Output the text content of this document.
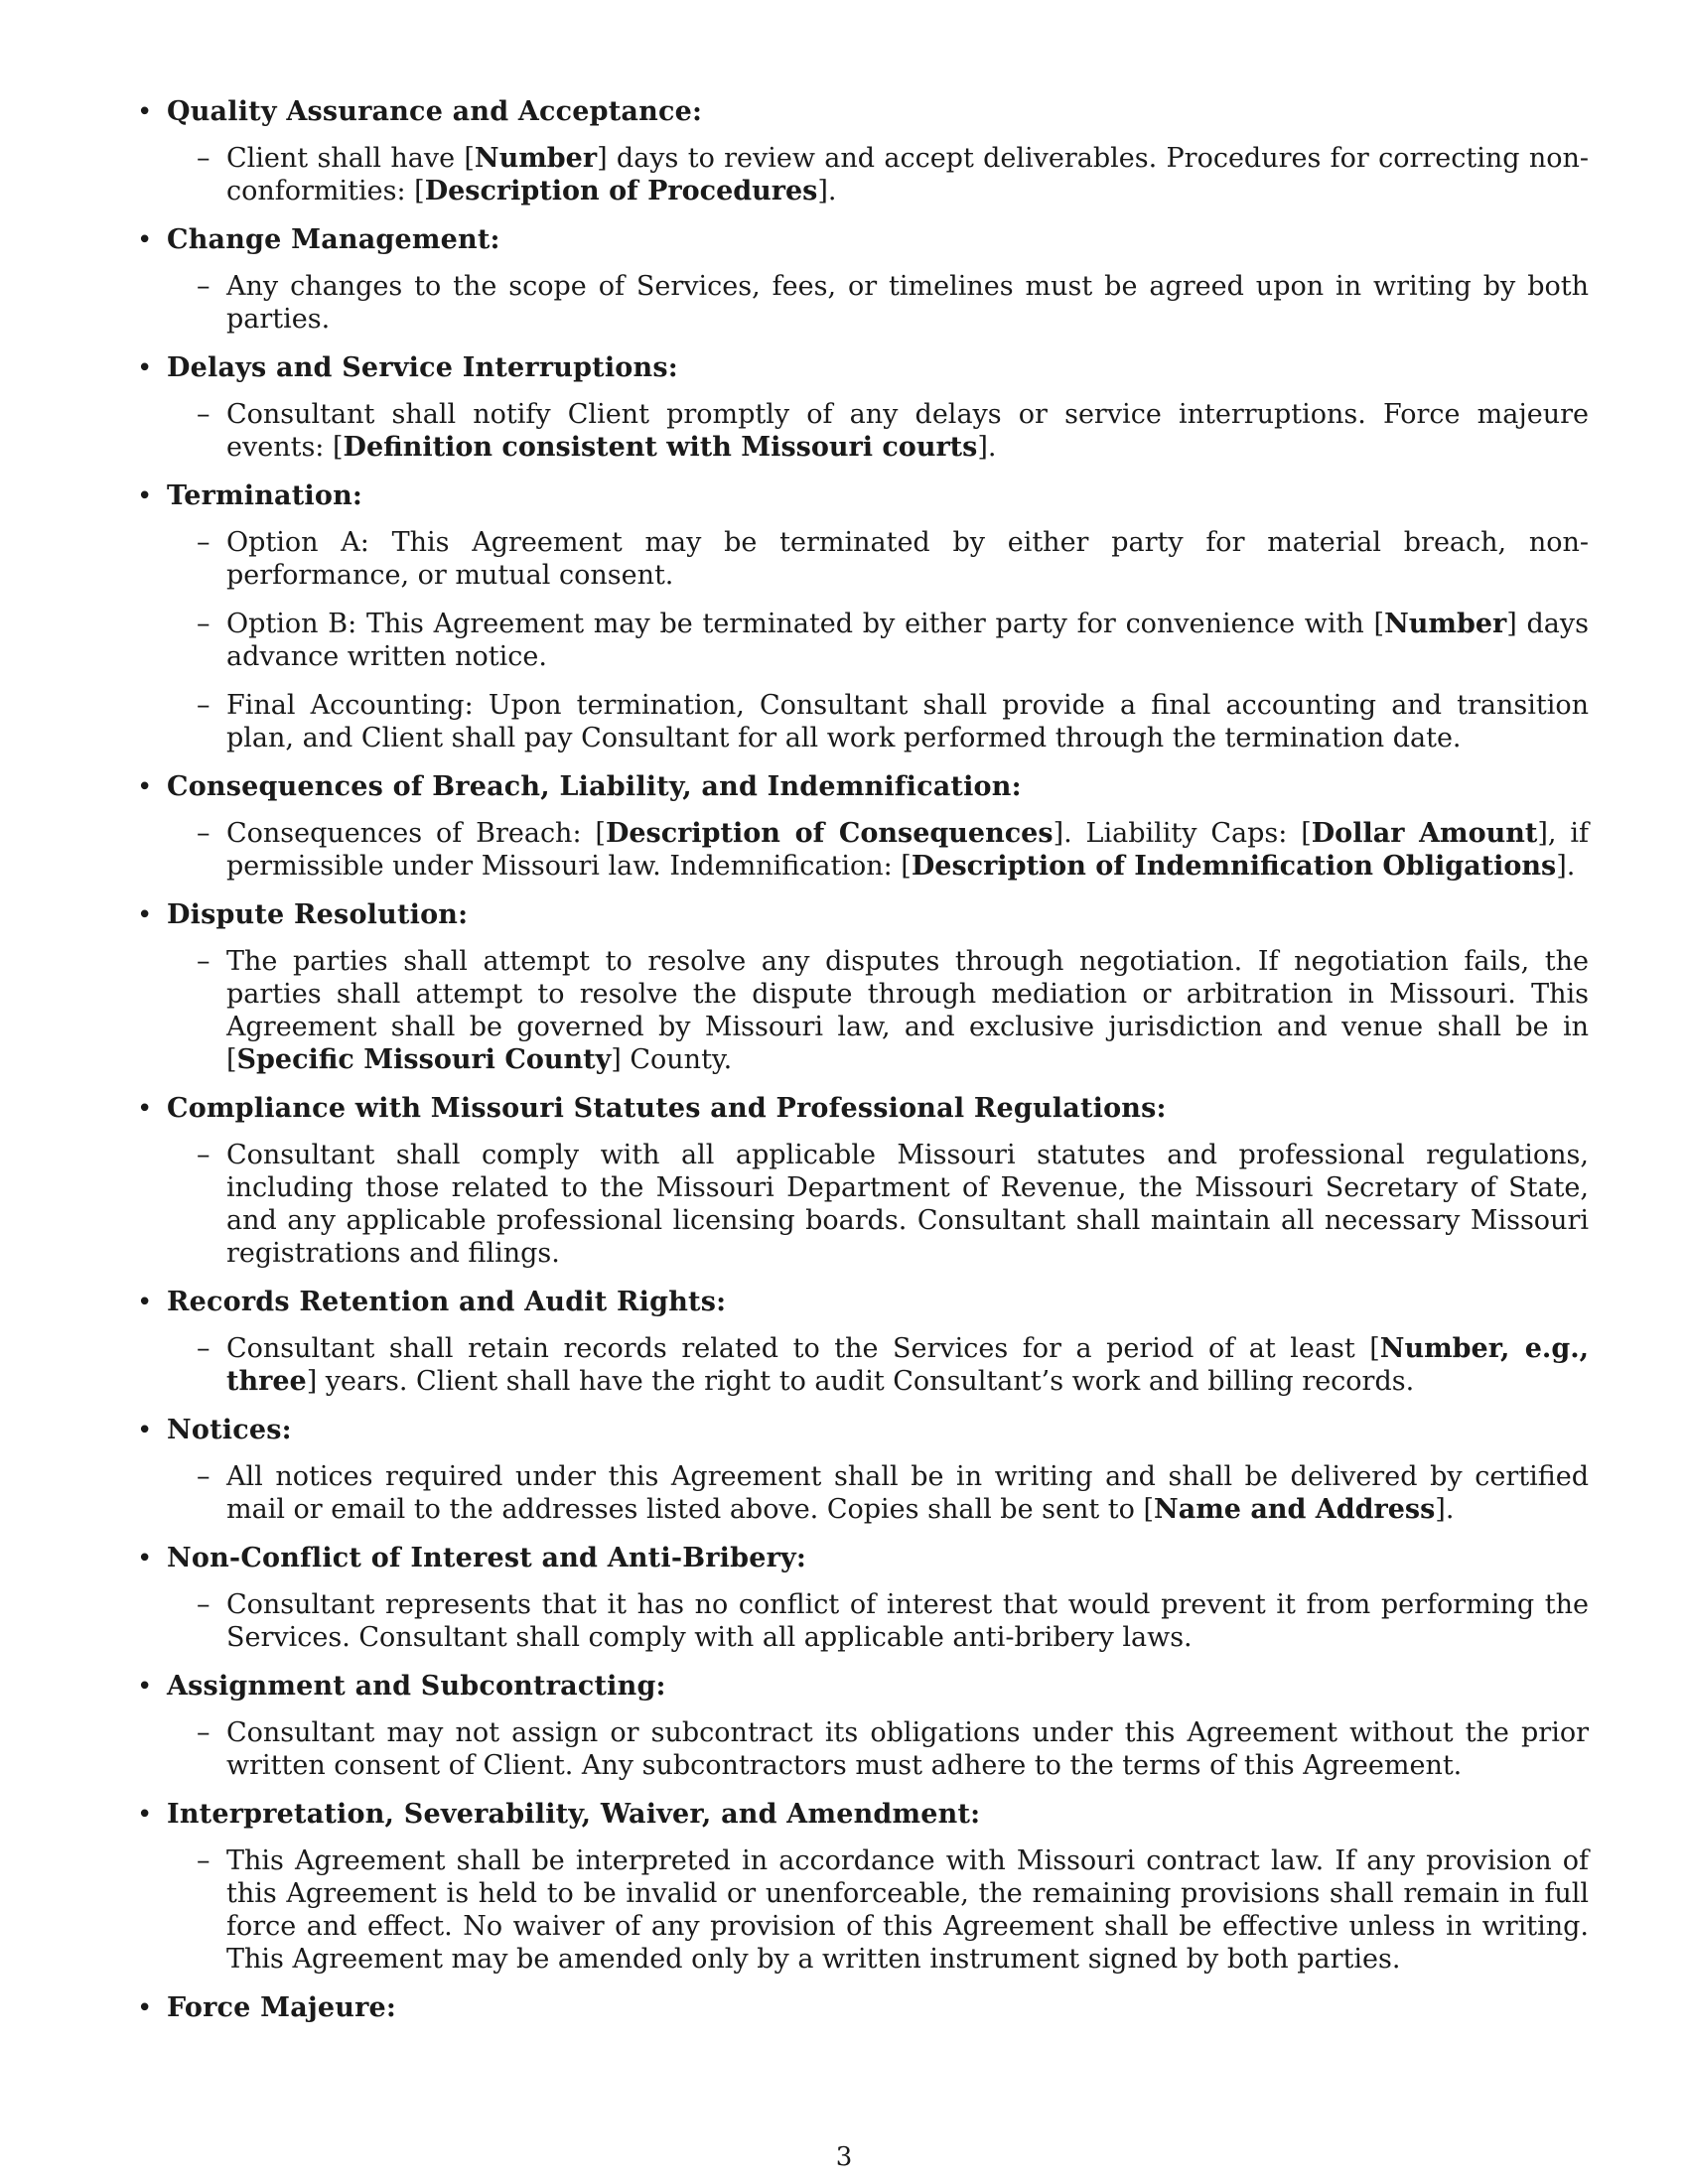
• Quality Assurance and Acceptance:
– Client shall have [Number] days to review and accept deliverables. Procedures for correcting non-conformities: [Description of Procedures].
• Change Management:
– Any changes to the scope of Services, fees, or timelines must be agreed upon in writing by both parties.
• Delays and Service Interruptions:
– Consultant shall notify Client promptly of any delays or service interruptions. Force majeure events: [Definition consistent with Missouri courts].
• Termination:
– Option A: This Agreement may be terminated by either party for material breach, non-performance, or mutual consent.
– Option B: This Agreement may be terminated by either party for convenience with [Number] days advance written notice.
– Final Accounting: Upon termination, Consultant shall provide a final accounting and transition plan, and Client shall pay Consultant for all work performed through the termination date.
• Consequences of Breach, Liability, and Indemnification:
– Consequences of Breach: [Description of Consequences]. Liability Caps: [Dollar Amount], if permissible under Missouri law. Indemnification: [Description of Indemnification Obligations].
• Dispute Resolution:
– The parties shall attempt to resolve any disputes through negotiation. If negotiation fails, the parties shall attempt to resolve the dispute through mediation or arbitration in Missouri. This Agreement shall be governed by Missouri law, and exclusive jurisdiction and venue shall be in [Specific Missouri County] County.
• Compliance with Missouri Statutes and Professional Regulations:
– Consultant shall comply with all applicable Missouri statutes and professional regulations, including those related to the Missouri Department of Revenue, the Missouri Secretary of State, and any applicable professional licensing boards. Consultant shall maintain all necessary Missouri registrations and filings.
• Records Retention and Audit Rights:
– Consultant shall retain records related to the Services for a period of at least [Number, e.g., three] years. Client shall have the right to audit Consultant’s work and billing records.
• Notices:
– All notices required under this Agreement shall be in writing and shall be delivered by certified mail or email to the addresses listed above. Copies shall be sent to [Name and Address].
• Non-Conflict of Interest and Anti-Bribery:
– Consultant represents that it has no conflict of interest that would prevent it from performing the Services. Consultant shall comply with all applicable anti-bribery laws.
• Assignment and Subcontracting:
– Consultant may not assign or subcontract its obligations under this Agreement without the prior written consent of Client. Any subcontractors must adhere to the terms of this Agreement.
• Interpretation, Severability, Waiver, and Amendment:
– This Agreement shall be interpreted in accordance with Missouri contract law. If any provision of this Agreement is held to be invalid or unenforceable, the remaining provisions shall remain in full force and effect. No waiver of any provision of this Agreement shall be effective unless in writing. This Agreement may be amended only by a written instrument signed by both parties.
• Force Majeure:
3
